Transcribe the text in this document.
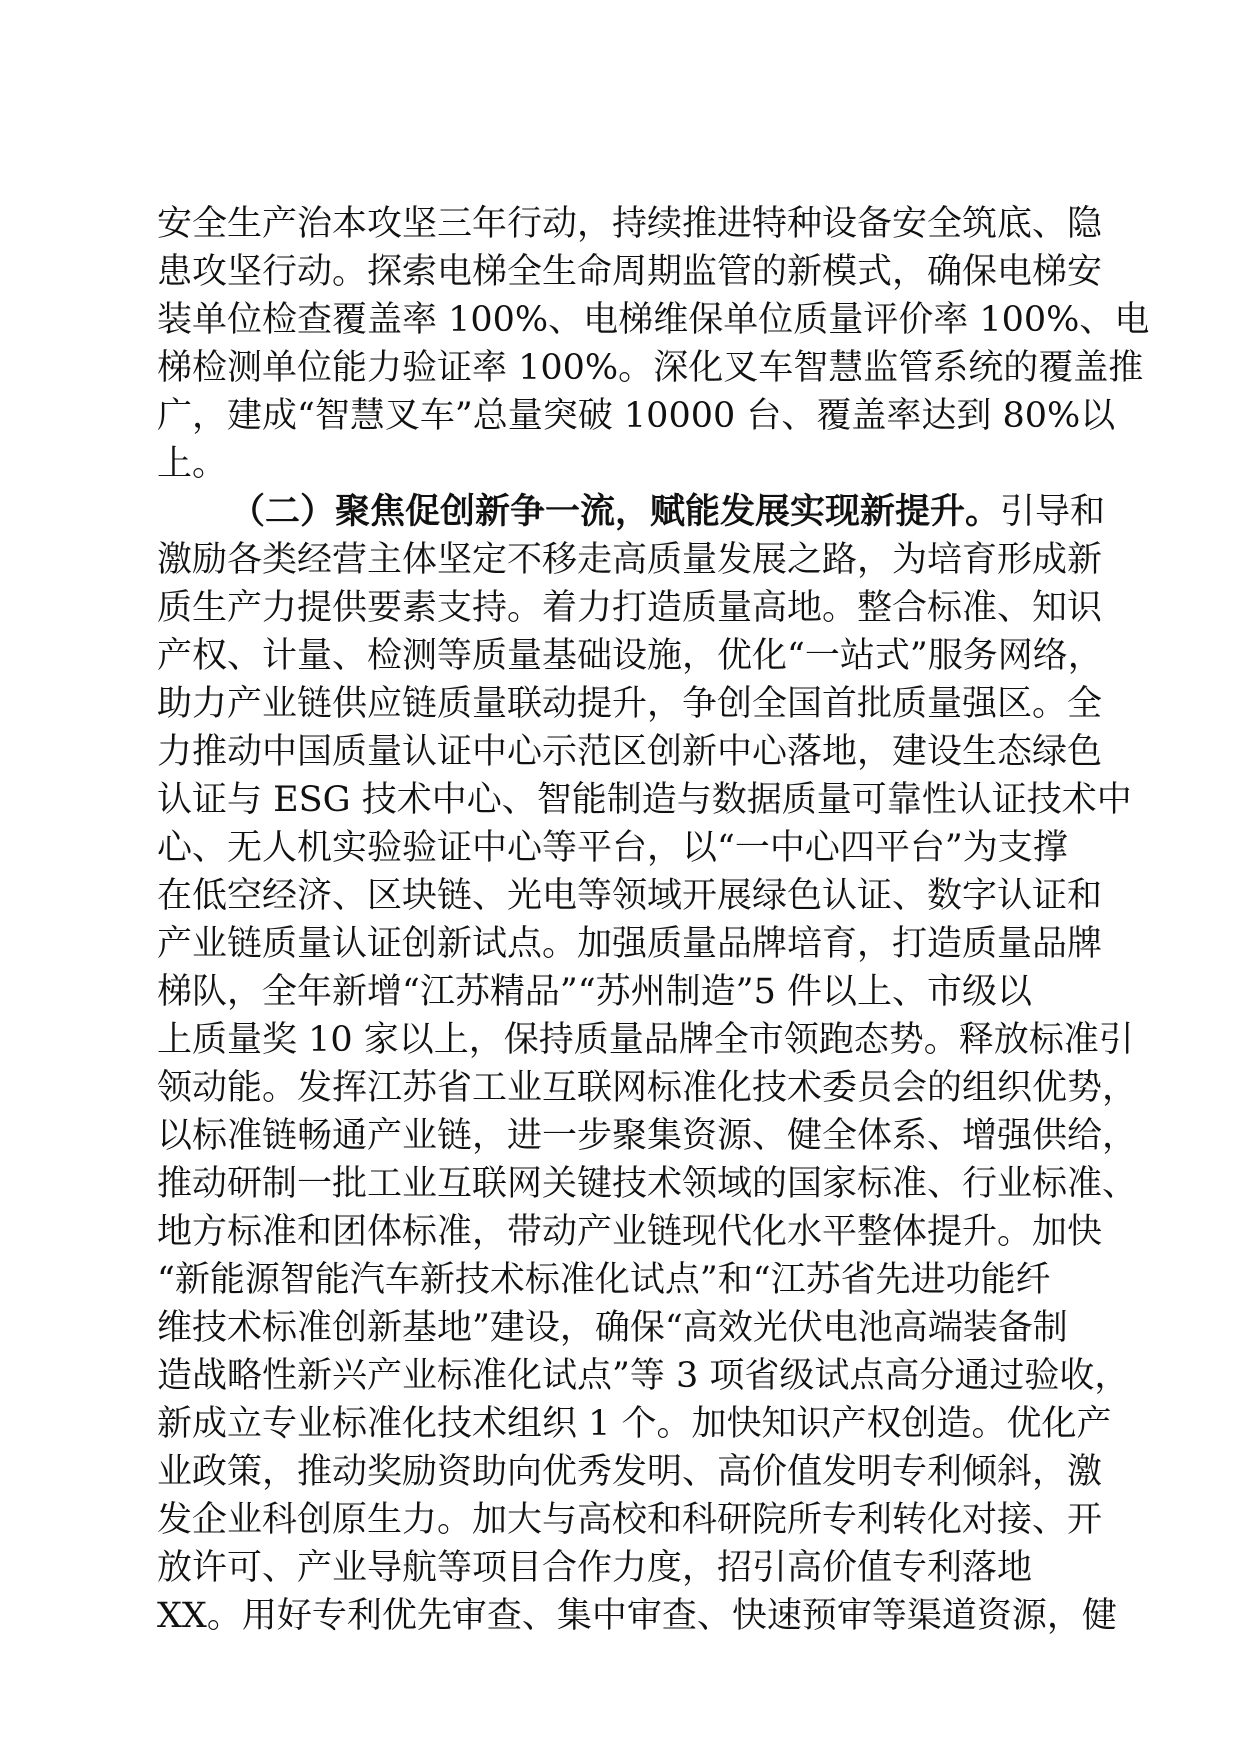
安全生产治本攻坚三年行动，持续推进特种设备安全筑底、隐
患攻坚行动。探索电梯全生命周期监管的新模式，确保电梯安
装单位检查覆盖率 100%、电梯维保单位质量评价率 100%、电
梯检测单位能力验证率 100%。深化叉车智慧监管系统的覆盖推
广，建成“智慧叉车”总量突破 10000 台、覆盖率达到 80%以
上。
（二）聚焦促创新争一流，赋能发展实现新提升。引导和
激励各类经营主体坚定不移走高质量发展之路，为培育形成新
质生产力提供要素支持。着力打造质量高地。整合标准、知识
产权、计量、检测等质量基础设施，优化“一站式”服务网络，
助力产业链供应链质量联动提升，争创全国首批质量强区。全
力推动中国质量认证中心示范区创新中心落地，建设生态绿色
认证与 ESG 技术中心、智能制造与数据质量可靠性认证技术中
心、无人机实验验证中心等平台，以“一中心四平台”为支撑
在低空经济、区块链、光电等领域开展绿色认证、数字认证和
产业链质量认证创新试点。加强质量品牌培育，打造质量品牌
梯队，全年新增“江苏精品”“苏州制造”5 件以上、市级以
上质量奖 10 家以上，保持质量品牌全市领跑态势。释放标准引
领动能。发挥江苏省工业互联网标准化技术委员会的组织优势，
以标准链畅通产业链，进一步聚集资源、健全体系、增强供给，
推动研制一批工业互联网关键技术领域的国家标准、行业标准、
地方标准和团体标准，带动产业链现代化水平整体提升。加快
“新能源智能汽车新技术标准化试点”和“江苏省先进功能纤
维技术标准创新基地”建设，确保“高效光伏电池高端装备制
造战略性新兴产业标准化试点”等 3 项省级试点高分通过验收，
新成立专业标准化技术组织 1 个。加快知识产权创造。优化产
业政策，推动奖励资助向优秀发明、高价值发明专利倾斜，激
发企业科创原生力。加大与高校和科研院所专利转化对接、开
放许可、产业导航等项目合作力度，招引高价值专利落地
XX。用好专利优先审查、集中审查、快速预审等渠道资源，健
